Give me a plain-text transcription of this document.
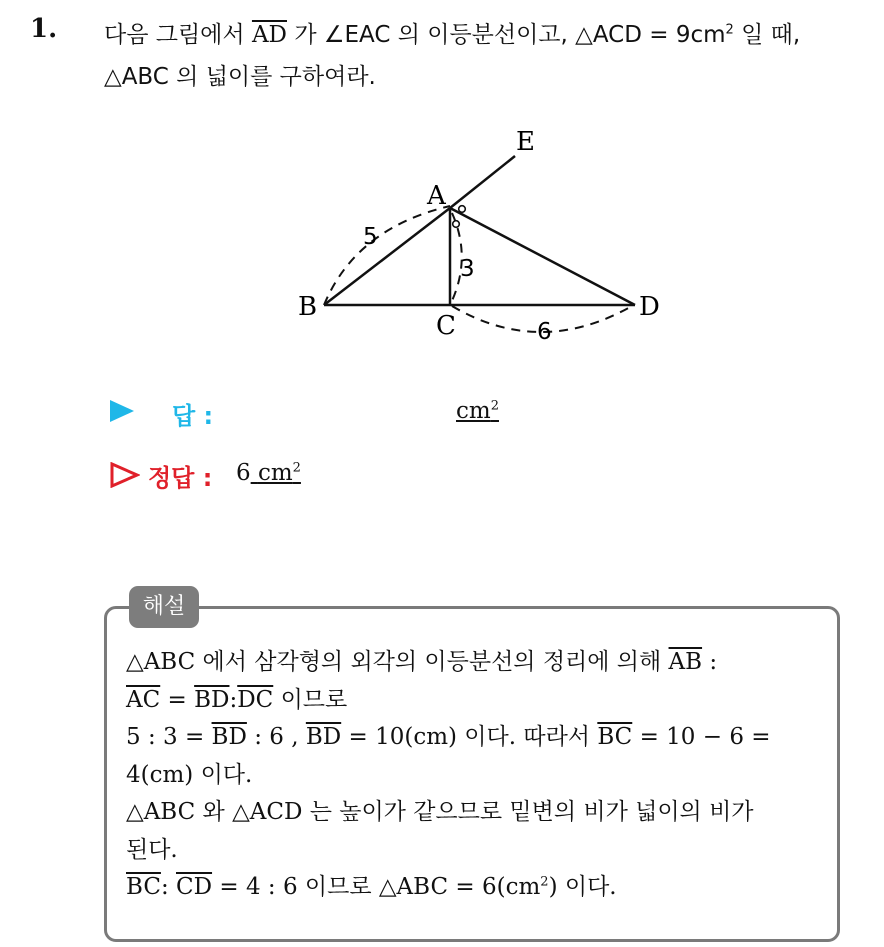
1. 다음 그림에서 $\overline{AD}$ 가 ∠EAC 의 이등분선이고, △ACD = $9cm^2$ 일 때,
△ABC 의 넓이를 구하여라.
E
A
B
C
D
5
3
6
답 :	$cm^2$
정답 : 6 $cm^2$
해설
△ABC 에서 삼각형의 외각의 이등분선의 정리에 의해 $\overline{AB}$ :
$\overline{AC}$ = $\overline{BD}:\overline{DC}$ 이므로
5 : $3 = \overline{BD}$ : 6 , $\overline{BD} = 10(cm)$ 이다. 따라서 $\overline{BC} = 10 - 6$ =
4(cm) 이다.
△ABC 와 △ACD 는 높이가 같으므로 밑변의 비가 넓이의 비가
된다.
$\overline{BC}$: $\overline{CD} = 4$ : 6 이므로 △ABC = $6(cm^2)$ 이다.
